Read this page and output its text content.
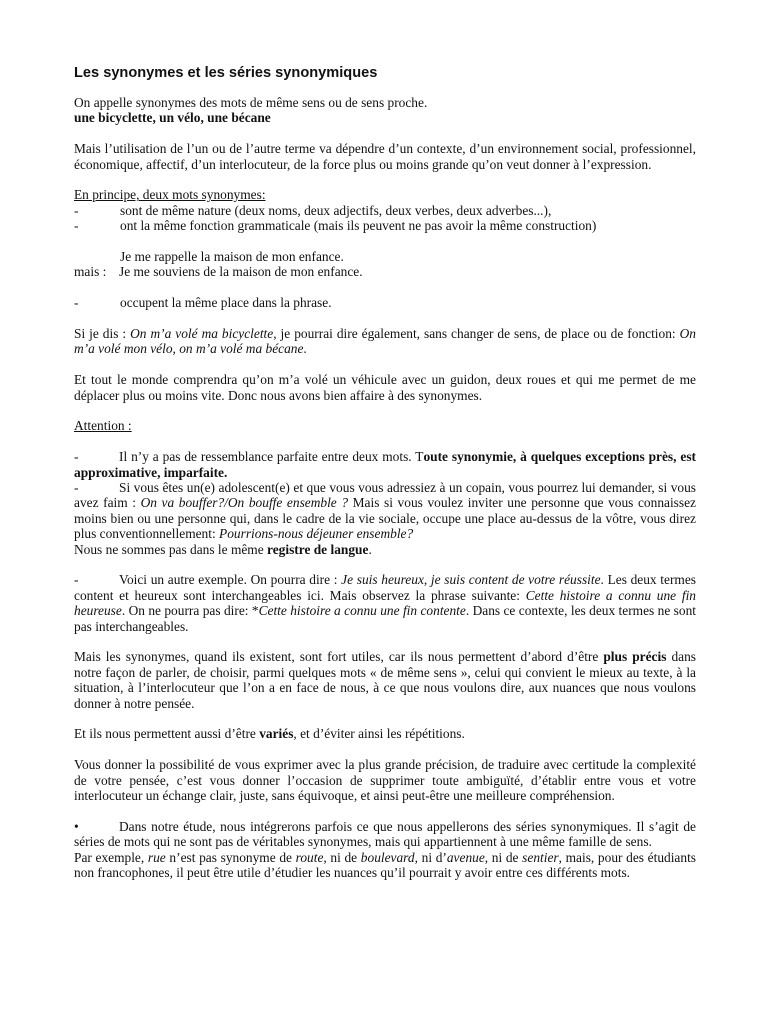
Les synonymes et les séries synonymiques

On appelle synonymes des mots de même sens ou de sens proche.

une bicyclette, un vélo, une bécane

Mais l’utilisation de l’un ou de l’autre terme va dépendre d’un contexte, d’un environnement social, professionnel, économique, affectif, d’un interlocuteur, de la force plus ou moins grande qu’on veut donner à l’expression.

En principe, deux mots synonymes:

-	sont de même nature (deux noms, deux adjectifs, deux verbes, deux adverbes...),
-	ont la même fonction grammaticale (mais ils peuvent ne pas avoir la même construction)

Je me rappelle la maison de mon enfance.

mais : Je me souviens de la maison de mon enfance.

-	occupent la même place dans la phrase.

Si je dis : On m’a volé ma bicyclette, je pourrai dire également, sans changer de sens, de place ou de fonction: On m’a volé mon vélo, on m’a volé ma bécane.

Et tout le monde comprendra qu’on m’a volé un véhicule avec un guidon, deux roues et qui me permet de me déplacer plus ou moins vite. Donc nous avons bien affaire à des synonymes.

Attention :

-	Il n’y a pas de ressemblance parfaite entre deux mots. Toute synonymie, à quelques exceptions près, est approximative, imparfaite.

-	Si vous êtes un(e) adolescent(e) et que vous vous adressiez à un copain, vous pourrez lui demander, si vous avez faim : On va bouffer?/On bouffe ensemble ? Mais si vous voulez inviter une personne que vous connaissez moins bien ou une personne qui, dans le cadre de la vie sociale, occupe une place au-dessus de la vôtre, vous direz plus conventionnellement: Pourrions-nous déjeuner ensemble?

Nous ne sommes pas dans le même registre de langue.

-	Voici un autre exemple. On pourra dire : Je suis heureux, je suis content de votre réussite. Les deux termes content et heureux sont interchangeables ici. Mais observez la phrase suivante: Cette histoire a connu une fin heureuse. On ne pourra pas dire: *Cette histoire a connu une fin contente. Dans ce contexte, les deux termes ne sont pas interchangeables.

Mais les synonymes, quand ils existent, sont fort utiles, car ils nous permettent d’abord d’être plus précis dans notre façon de parler, de choisir, parmi quelques mots « de même sens », celui qui convient le mieux au texte, à la situation, à l’interlocuteur que l’on a en face de nous, à ce que nous voulons dire, aux nuances que nous voulons donner à notre pensée.

Et ils nous permettent aussi d’être variés, et d’éviter ainsi les répétitions.

Vous donner la possibilité de vous exprimer avec la plus grande précision, de traduire avec certitude la complexité de votre pensée, c’est vous donner l’occasion de supprimer toute ambiguïté, d’établir entre vous et votre interlocuteur un échange clair, juste, sans équivoque, et ainsi peut-être une meilleure compréhension.

•	Dans notre étude, nous intégrerons parfois ce que nous appellerons des séries synonymiques. Il s’agit de séries de mots qui ne sont pas de véritables synonymes, mais qui appartiennent à une même famille de sens.

Par exemple, rue n’est pas synonyme de route, ni de boulevard, ni d’avenue, ni de sentier, mais, pour des étudiants non francophones, il peut être utile d’étudier les nuances qu’il pourrait y avoir entre ces différents mots.
